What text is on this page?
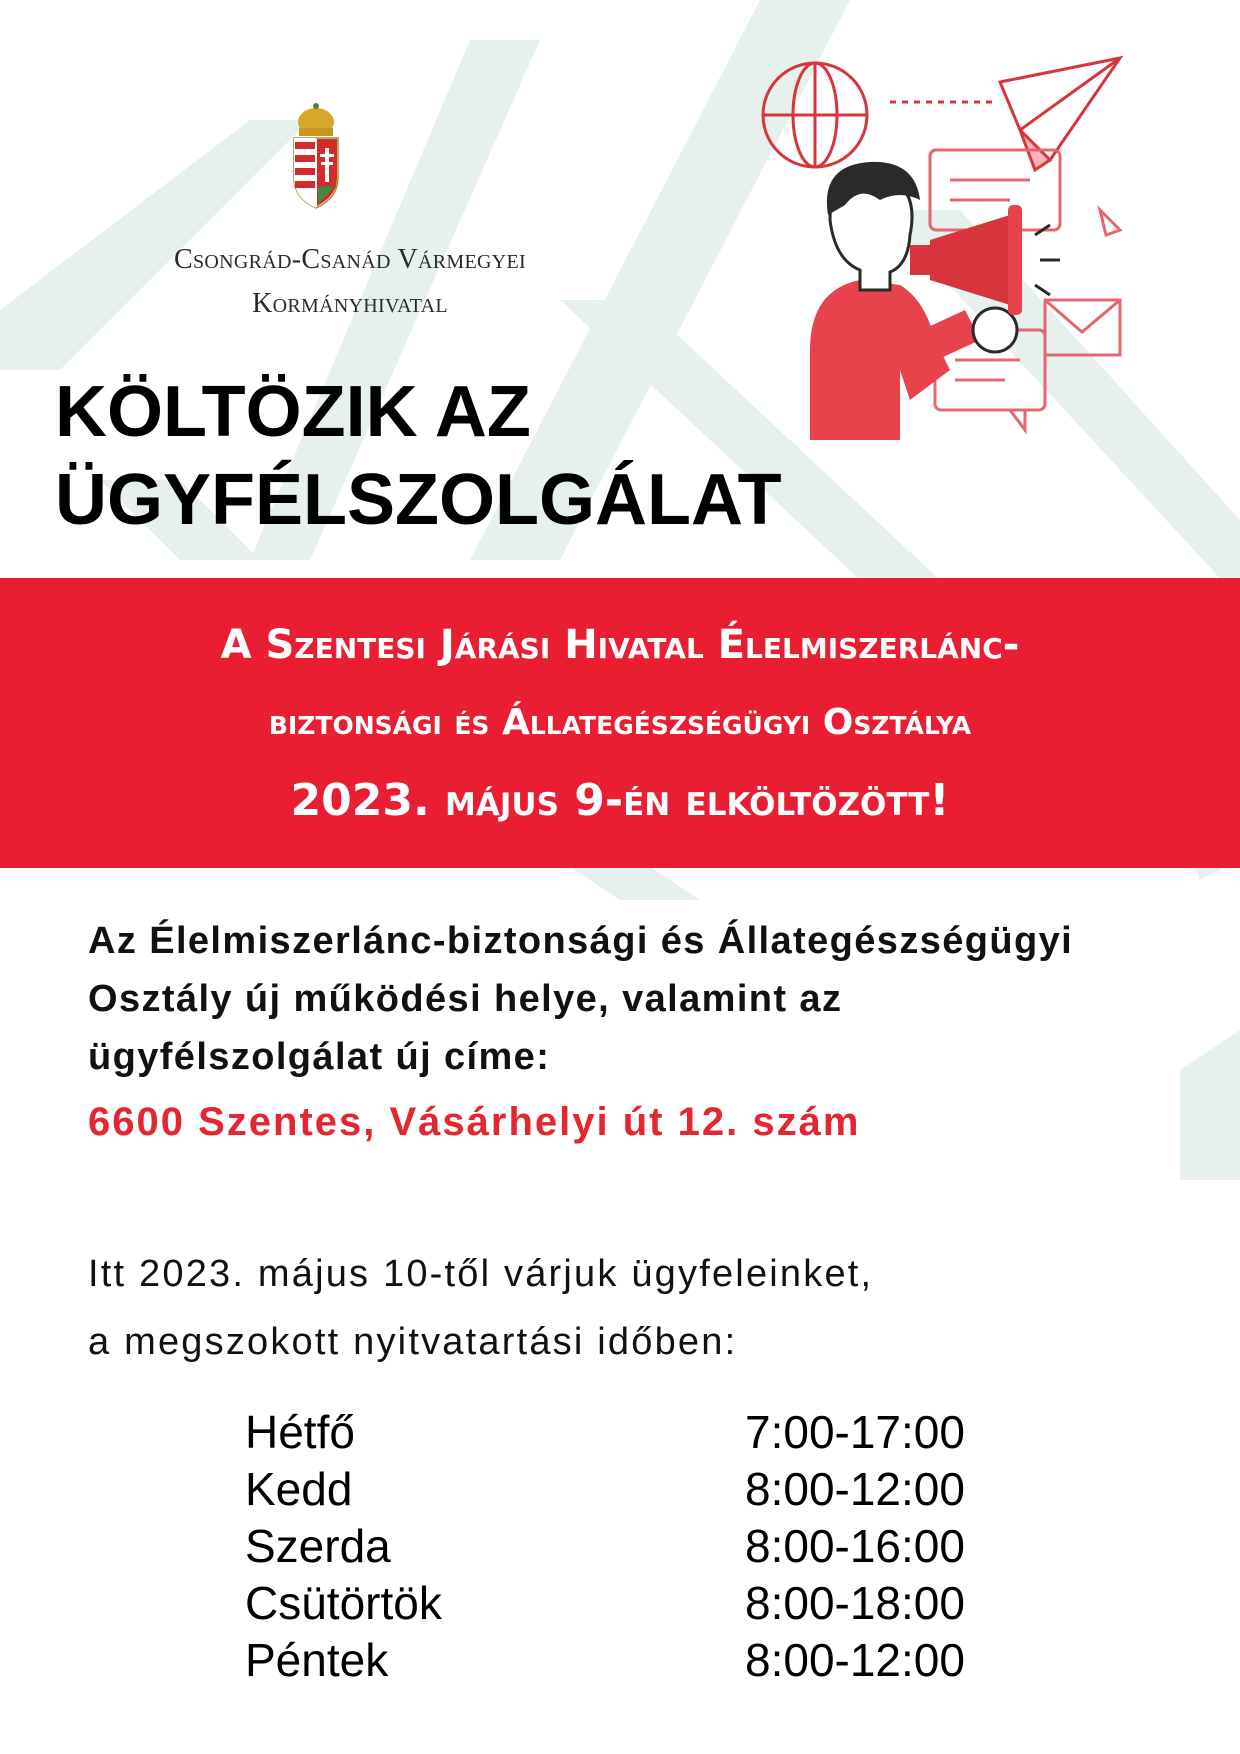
Csongrád-Csanád Vármegyei
Kormányhivatal
KÖLTÖZIK AZ
ÜGYFÉLSZOLGÁLAT
A Szentesi Járási Hivatal Élelmiszerlánc-
biztonsági és Állategészségügyi Osztálya
2023. május 9-én elköltözött!
Az Élelmiszerlánc-biztonsági és Állategészségügyi
Osztály új működési helye, valamint az
ügyfélszolgálat új címe:
6600 Szentes, Vásárhelyi út 12. szám
Itt 2023. május 10-től várjuk ügyfeleinket,
a megszokott nyitvatartási időben:
Hétfő	7:00-17:00
Kedd	8:00-12:00
Szerda	8:00-16:00
Csütörtök	8:00-18:00
Péntek	8:00-12:00
